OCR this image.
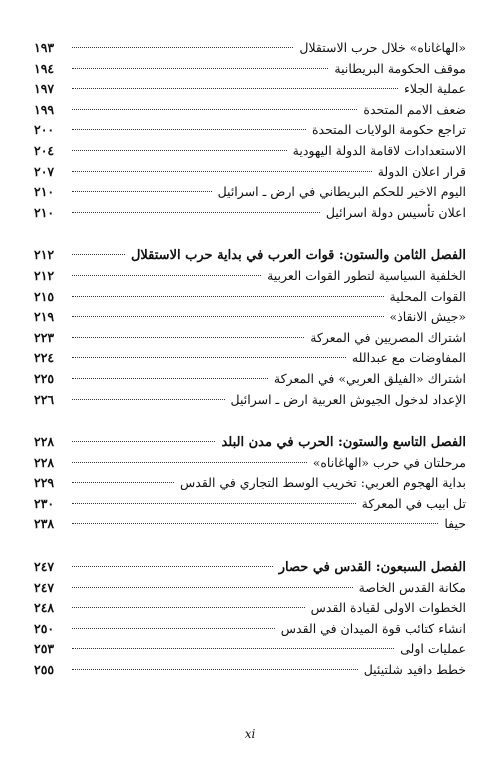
«الهاغاناه» خلال حرب الاستقلال
١٩٣
موقف الحكومة البريطانية
١٩٤
عملية الجلاء
١٩٧
ضعف الامم المتحدة
١٩٩
تراجع حكومة الولايات المتحدة
٢٠٠
الاستعدادات لاقامة الدولة اليهودية
٢٠٤
قرار اعلان الدولة
٢٠٧
اليوم الاخير للحكم البريطاني في ارض ـ اسرائيل
٢١٠
اعلان تأسيس دولة اسرائيل
٢١٠
الفصل الثامن والستون: قوات العرب في بداية حرب الاستقلال
٢١٢
الخلفية السياسية لتطور القوات العربية
٢١٢
القوات المحلية
٢١٥
«جيش الانقاذ»
٢١٩
اشتراك المصريين في المعركة
٢٢٣
المفاوضات مع عبدالله
٢٢٤
اشتراك «الفيلق العربي» في المعركة
٢٢٥
الإعداد لدخول الجيوش العربية ارض ـ اسرائيل
٢٢٦
الفصل التاسع والستون: الحرب في مدن البلد
٢٢٨
مرحلتان في حرب «الهاغاناه»
٢٢٨
بداية الهجوم العربي: تخريب الوسط التجاري في القدس
٢٢٩
تل ابيب في المعركة
٢٣٠
حيفا
٢٣٨
الفصل السبعون: القدس في حصار
٢٤٧
مكانة القدس الخاصة
٢٤٧
الخطوات الاولى لقيادة القدس
٢٤٨
انشاء كتائب قوة الميدان في القدس
٢٥٠
عمليات اولى
٢٥٣
خطط دافيد شلتيئيل
٢٥٥
xi
